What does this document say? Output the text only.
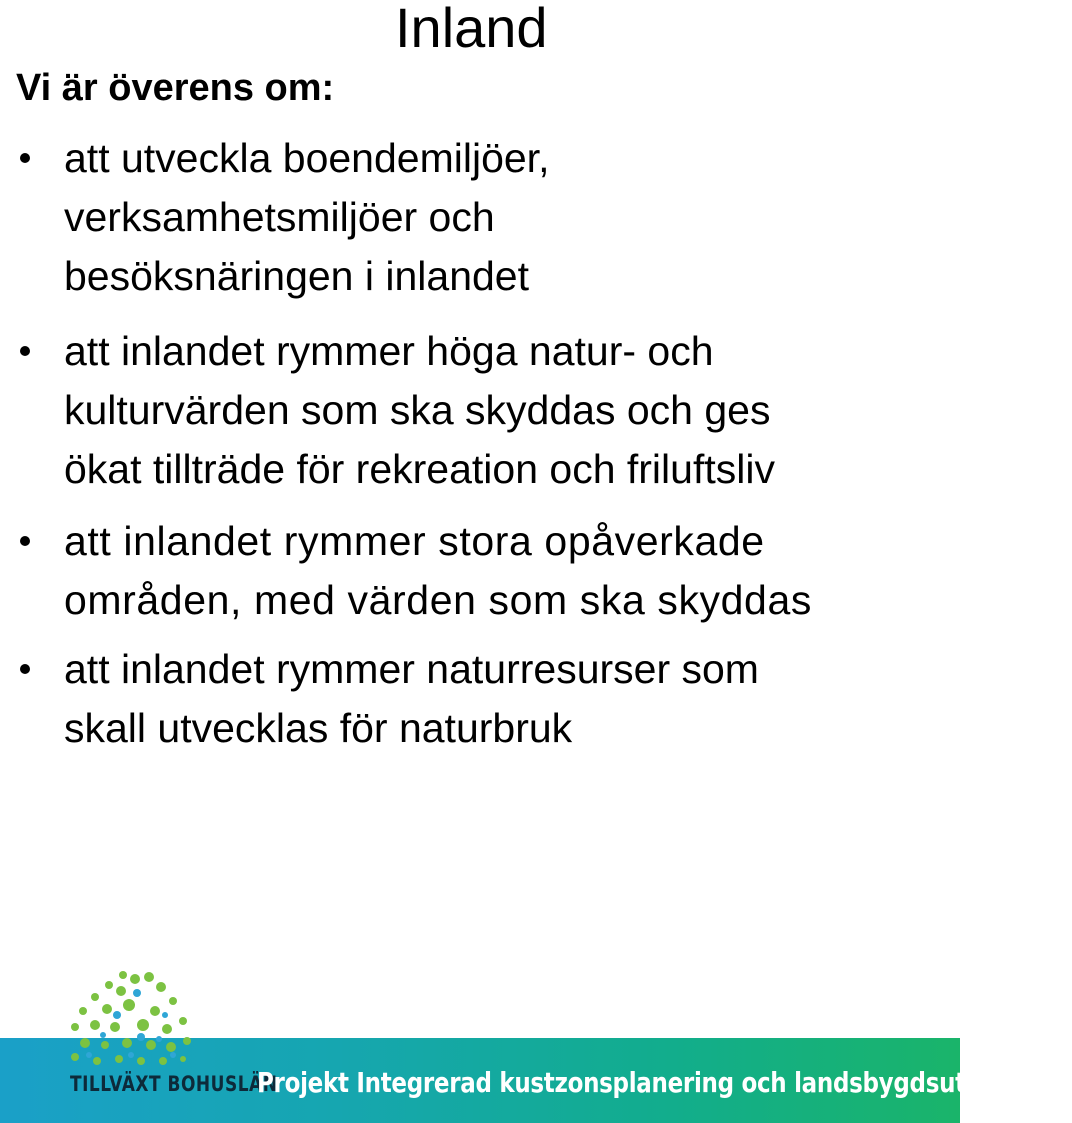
Inland
Vi är överens om:
att utveckla boendemiljöer,
verksamhetsmiljöer och
besöksnäringen i inlandet
att inlandet rymmer höga natur- och
kulturvärden som ska skyddas och ges
ökat tillträde för rekreation och friluftsliv
att inlandet rymmer stora opåverkade
områden, med värden som ska skyddas
att inlandet rymmer naturresurser som
skall utvecklas för naturbruk
TILLVÄXT BOHUSLÄN
Projekt Integrerad kustzonsplanering och landsbygdsutveckling
